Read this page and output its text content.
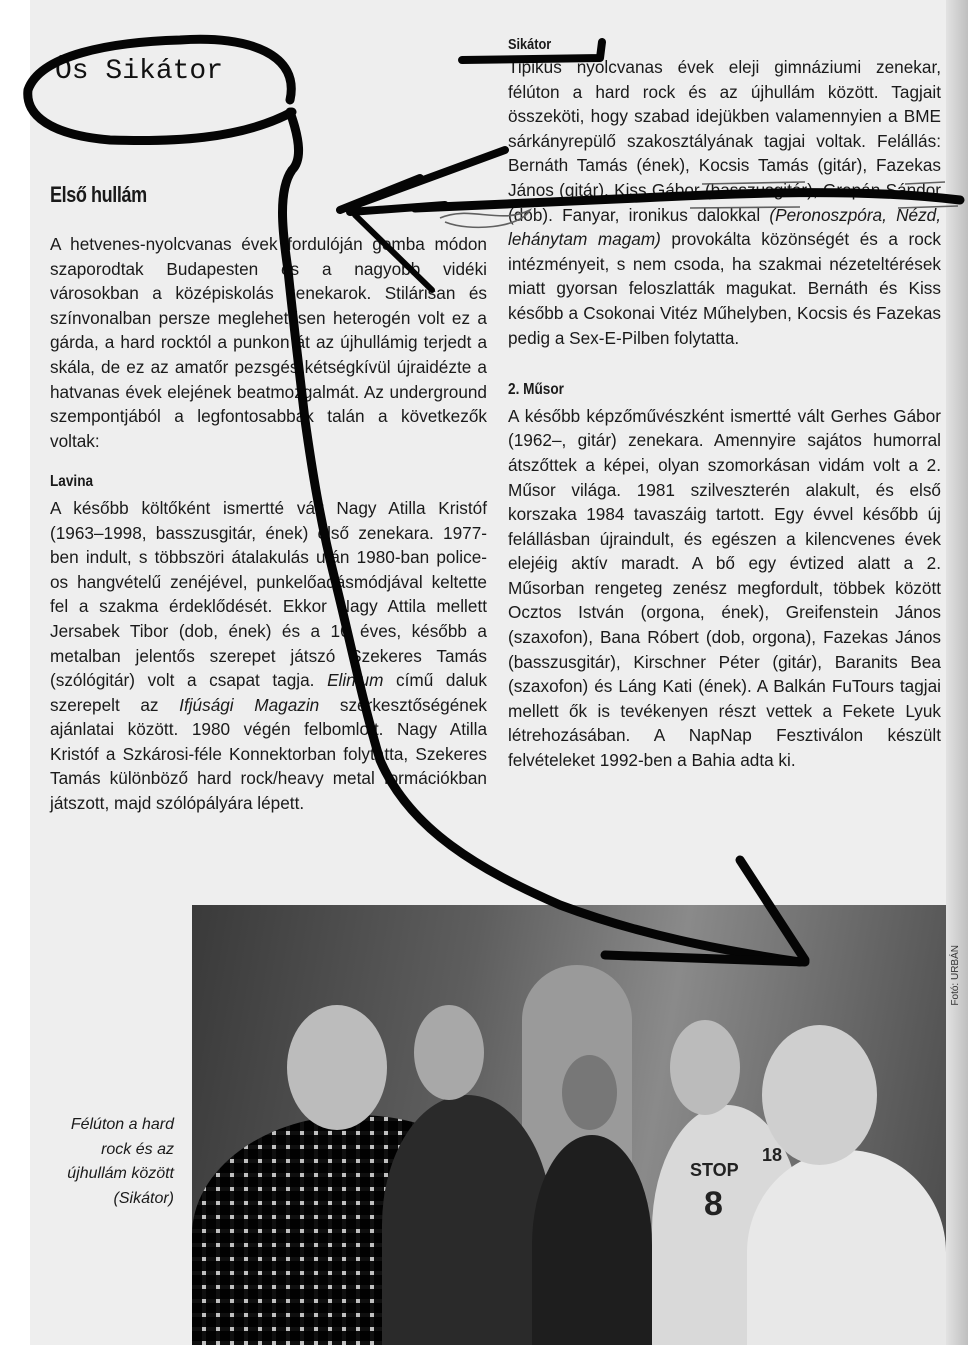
Õs Sikátor
Első hullám

A hetvenes-nyolcvanas évek fordulóján gomba módon szaporodtak Budapesten és a nagyobb vidéki városokban a középiskolás zenekarok. Stilárisan és színvonalban persze meglehetősen heterogén volt ez a gárda, a hard rocktól a punkon át az újhullámig terjedt a skála, de ez az amatőr pezsgés kétségkívül újraidézte a hatvanas évek elejének beatmozgalmát. Az underground szempontjából a legfontosabbak talán a következők voltak:

Lavina

A később költőként ismertté vált Nagy Atilla Kristóf (1963–1998, basszusgitár, ének) első zenekara. 1977-ben indult, s többszöri átalakulás után 1980-ban police-os hangvételű zenéjével, punkelőadásmódjával keltette fel a szakma érdeklődését. Ekkor Nagy Attila mellett Jersabek Tibor (dob, ének) és a 16 éves, később a metalban jelentős szerepet játszó Szekeres Tamás (szólógitár) volt a csapat tagja. Elinium című daluk szerepelt az Ifjúsági Magazin szerkesztőségének ajánlatai között. 1980 végén felbomlott. Nagy Atilla Kristóf a Szkárosi-féle Konnektorban folytatta, Szekeres Tamás különböző hard rock/heavy metal formációkban játszott, majd szólópályára lépett.

Sikátor

Tipikus nyolcvanas évek eleji gimnáziumi zenekar, félúton a hard rock és az újhullám között. Tagjait összeköti, hogy szabad idejükben valamennyien a BME sárkányrepülő szakosztályának tagjai voltak. Felállás: Bernáth Tamás (ének), Kocsis Tamás (gitár), Fazekas János (gitár), Kiss Gábor (basszusgitár), Grepán Sándor (dob). Fanyar, ironikus dalokkal (Peronoszpóra, Nézd, lehánytam magam) provokálta közönségét és a rock intézményeit, s nem csoda, ha szakmai nézeteltérések miatt gyorsan feloszlatták magukat. Bernáth és Kiss később a Csokonai Vitéz Műhelyben, Kocsis és Fazekas pedig a Sex-E-Pilben folytatta.

2. Műsor

A később képzőművészként ismertté vált Gerhes Gábor (1962–, gitár) zenekara. Amennyire sajátos humorral átszőttek a képei, olyan szomorkásan vidám volt a 2. Műsor világa. 1981 szilveszterén alakult, és első korszaka 1984 tavaszáig tartott. Egy évvel később új felállásban újraindult, és egészen a kilencvenes évek elejéig aktív maradt. A bő egy évtized alatt a 2. Műsorban rengeteg zenész megfordult, többek között Ocztos István (orgona, ének), Greifenstein János (szaxofon), Bana Róbert (dob, orgona), Fazekas János (basszusgitár), Kirschner Péter (gitár), Baranits Bea (szaxofon) és Láng Kati (ének). A Balkán FuTours tagjai mellett ők is tevékenyen részt vettek a Fekete Lyuk létrehozásában. A NapNap Fesztiválon készült felvételeket 1992-ben a Bahia adta ki.

STOP
8
18
Félúton a hard rock és az újhullám között (Sikátor)
Fotó: URBÁN
